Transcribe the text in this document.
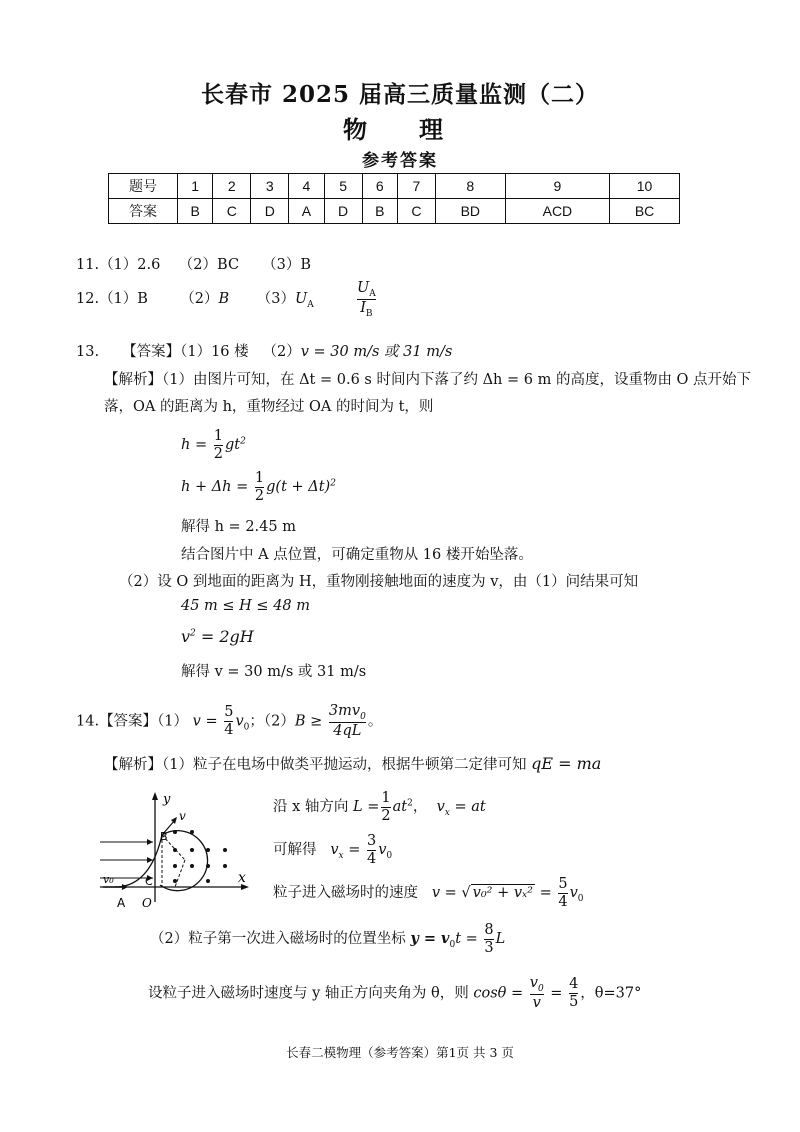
长春市 2025 届高三质量监测（二）
物　理
参考答案
题号	1	2	3	4	5	6	7	8	9	10
答案	B	C	D	A	D	B	C	BD	ACD	BC
11.（1）2.6 （2）BC （3）B
12.（1）B （2）B $(3)U_A$	$\frac{U_A}{I_B}$
13. 【答案】（1）16 楼 （2）v = 30 m/s 或 31 m/s
【解析】（1）由图片可知，在 Δt = 0.6 s 时间内下落了约 Δh = 6 m 的高度，设重物由 O 点开始下
落，OA 的距离为 h，重物经过 OA 的时间为 t，则
$h = \frac{1}{2} gt^2$
$h + \Delta h = \frac{1}{2} g(t + \Delta t)^2$
解得 h = 2.45 m
结合图片中 A 点位置，可确定重物从 16 楼开始坠落。
（2）设 O 到地面的距离为 H，重物刚接触地面的速度为 v，由（1）问结果可知
45 m ≤ H ≤ 48 m
$v^2 = 2gH$
解得 v = 30 m/s 或 31 m/s
14.【答案】（1） $v = \frac{5}{4} v_0$；$(2)B \ge \frac{3mv_0}{4qL}$ 。
【解析】（1）粒子在电场中做类平抛运动，根据牛顿第二定律可知 qE = ma
y
x
v
B
C
A O
v₀
沿 x 轴方向 $L = \frac{1}{2} at^2$，  $v_x$ = at
可解得 $v_x = \frac{3}{4} v_0$
粒子进入磁场时的速度 v = √ $v_0^2 + v_x^2 = \frac{5}{4} v_0$
（2）粒子第一次进入磁场时的位置坐标 $y = v_0t = \frac{8}{3}$ L
设粒子进入磁场时速度与 y 轴正方向夹角为 θ，则 $\cos\theta = \frac{v_0}{v} = \frac{4}{5}$ ，θ=37°
长春二模物理（参考答案）第1页 共 3 页
